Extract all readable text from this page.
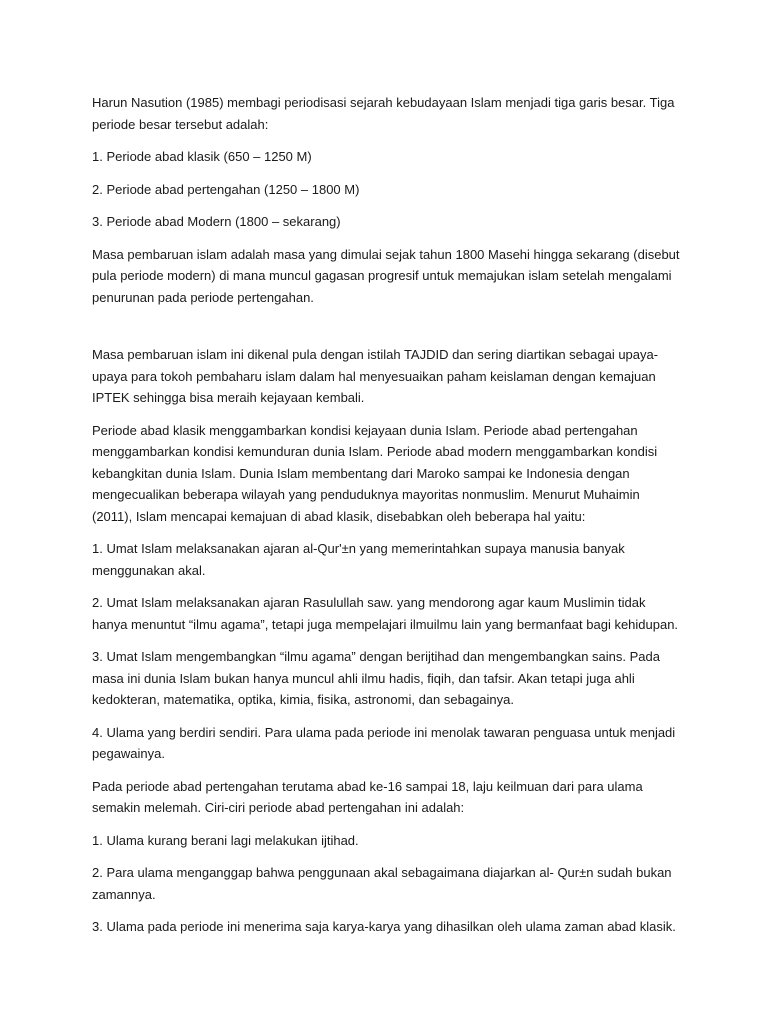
Harun Nasution (1985) membagi periodisasi sejarah kebudayaan Islam menjadi tiga garis besar. Tiga periode besar tersebut adalah:

1. Periode abad klasik (650 – 1250 M)

2. Periode abad pertengahan (1250 – 1800 M)

3. Periode abad Modern (1800 – sekarang)

Masa pembaruan islam adalah masa yang dimulai sejak tahun 1800 Masehi hingga sekarang (disebut pula periode modern) di mana muncul gagasan progresif untuk memajukan islam setelah mengalami penurunan pada periode pertengahan.

Masa pembaruan islam ini dikenal pula dengan istilah TAJDID dan sering diartikan sebagai upaya-upaya para tokoh pembaharu islam dalam hal menyesuaikan paham keislaman dengan kemajuan IPTEK sehingga bisa meraih kejayaan kembali.

Periode abad klasik menggambarkan kondisi kejayaan dunia Islam. Periode abad pertengahan menggambarkan kondisi kemunduran dunia Islam. Periode abad modern menggambarkan kondisi kebangkitan dunia Islam. Dunia Islam membentang dari Maroko sampai ke Indonesia dengan mengecualikan beberapa wilayah yang penduduknya mayoritas nonmuslim. Menurut Muhaimin (2011), Islam mencapai kemajuan di abad klasik, disebabkan oleh beberapa hal yaitu:

1. Umat Islam melaksanakan ajaran al-Qur'±n yang memerintahkan supaya manusia banyak menggunakan akal.

2. Umat Islam melaksanakan ajaran Rasulullah saw. yang mendorong agar kaum Muslimin tidak hanya menuntut “ilmu agama”, tetapi juga mempelajari ilmuilmu lain yang bermanfaat bagi kehidupan.

3. Umat Islam mengembangkan “ilmu agama” dengan berijtihad dan mengembangkan sains. Pada masa ini dunia Islam bukan hanya muncul ahli ilmu hadis, fiqih, dan tafsir. Akan tetapi juga ahli kedokteran, matematika, optika, kimia, fisika, astronomi, dan sebagainya.

4. Ulama yang berdiri sendiri. Para ulama pada periode ini menolak tawaran penguasa untuk menjadi pegawainya.

Pada periode abad pertengahan terutama abad ke-16 sampai 18, laju keilmuan dari para ulama semakin melemah. Ciri-ciri periode abad pertengahan ini adalah:

1. Ulama kurang berani lagi melakukan ijtihad.

2. Para ulama menganggap bahwa penggunaan akal sebagaimana diajarkan al- Qur±n sudah bukan zamannya.

3. Ulama pada periode ini menerima saja karya-karya yang dihasilkan oleh ulama zaman abad klasik.
